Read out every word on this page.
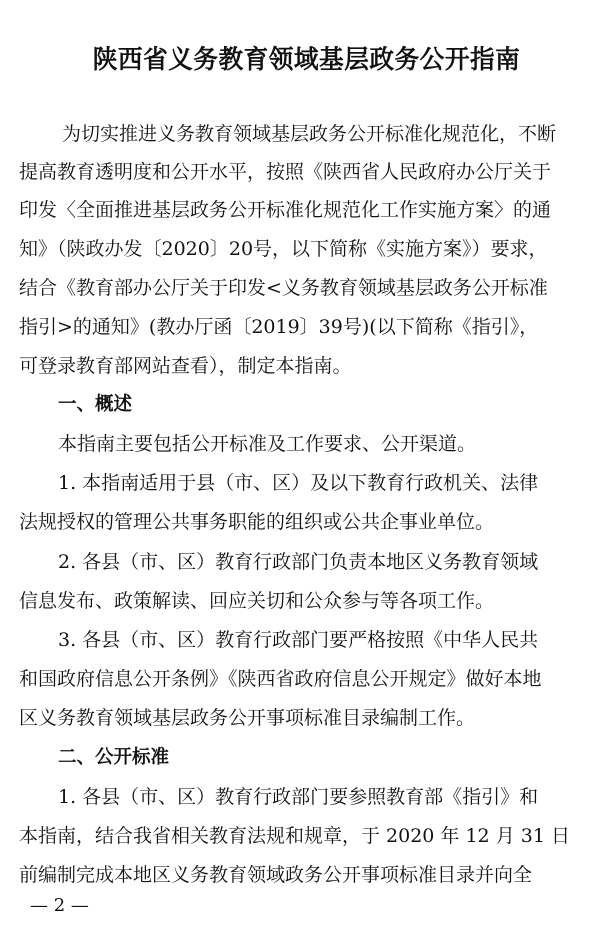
陕西省义务教育领域基层政务公开指南
为切实推进义务教育领域基层政务公开标准化规范化，不断
提高教育透明度和公开水平，按照《陕西省人民政府办公厅关于
印发〈全面推进基层政务公开标准化规范化工作实施方案〉的通
知》（陕政办发〔2020〕20号，以下简称《实施方案》）要求，
结合《教育部办公厅关于印发<义务教育领域基层政务公开标准
指引>的通知》(教办厅函〔2019〕39号)(以下简称《指引》，
可登录教育部网站查看），制定本指南。
一、概述
本指南主要包括公开标准及工作要求、公开渠道。
1. 本指南适用于县（市、区）及以下教育行政机关、法律
法规授权的管理公共事务职能的组织或公共企事业单位。
2. 各县（市、区）教育行政部门负责本地区义务教育领域
信息发布、政策解读、回应关切和公众参与等各项工作。
3. 各县（市、区）教育行政部门要严格按照《中华人民共
和国政府信息公开条例》《陕西省政府信息公开规定》做好本地
区义务教育领域基层政务公开事项标准目录编制工作。
二、公开标准
1. 各县（市、区）教育行政部门要参照教育部《指引》和
本指南，结合我省相关教育法规和规章，于 2020 年 12 月 31 日
前编制完成本地区义务教育领域政务公开事项标准目录并向全
— 2 —
